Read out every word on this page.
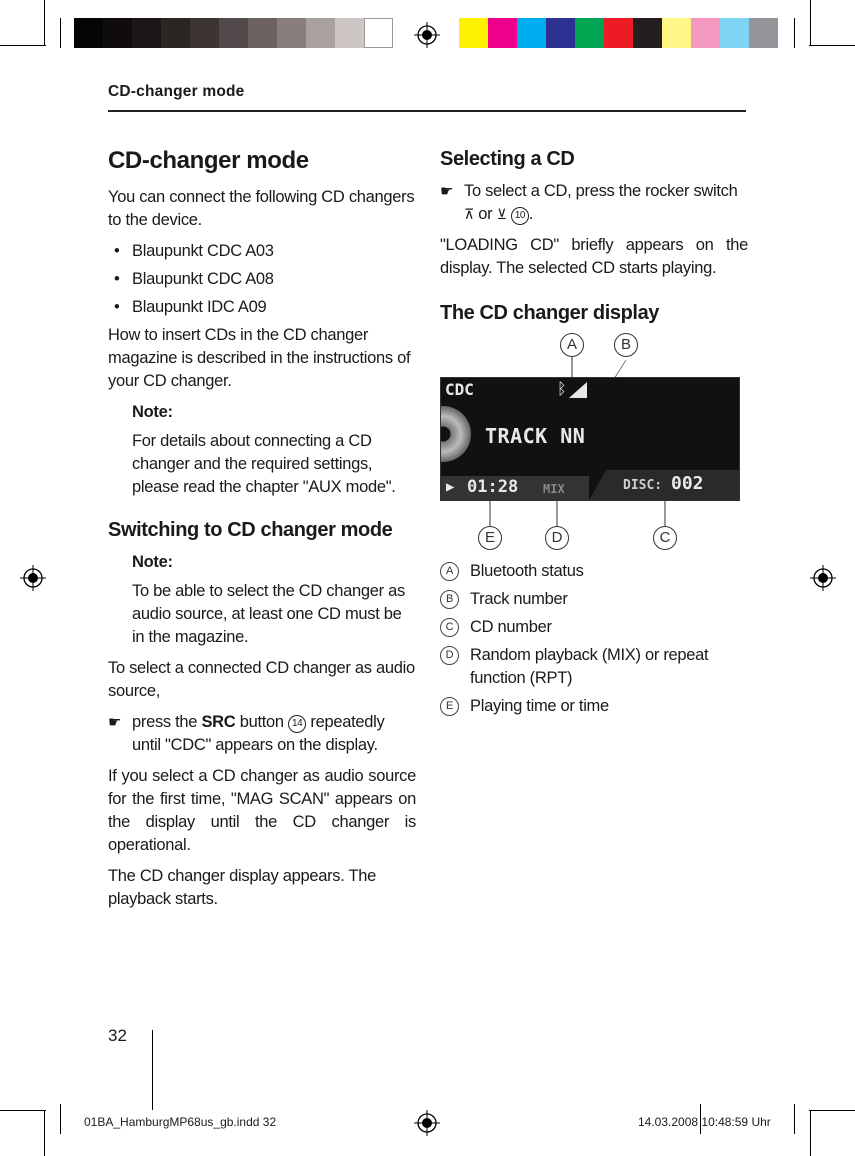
CD-changer mode
CD-changer mode

You can connect the following CD changers to the device.

• Blaupunkt CDC A03
• Blaupunkt CDC A08
• Blaupunkt IDC A09

How to insert CDs in the CD changer magazine is described in the instructions of your CD changer.

Note:

For details about connecting a CD changer and the required settings, please read the chapter "AUX mode".

Switching to CD changer mode

Note:

To be able to select the CD changer as audio source, at least one CD must be in the magazine.

To select a connected CD changer as audio source,

☛ press the SRC button 14 repeatedly until "CDC" appears on the display.

If you select a CD changer as audio source for the first time, "MAG SCAN" appears on the display until the CD changer is operational.

The CD changer display appears. The playback starts.

Selecting a CD

☛ To select a CD, press the rocker switch
⊼ or ⊻ 10 .

"LOADING CD" briefly appears on the display. The selected CD starts playing.

The CD changer display
A	B
E	D	C
CDC	ᛒ
TRACK NN
▶ 01:28 MIX	DISC: 002
A	Bluetooth status
B	Track number
C	CD number
D	Random playback (MIX) or repeat function (RPT)
E	Playing time or time
32
01BA_HamburgMP68us_gb.indd 32	14.03.2008 10:48:59 Uhr
